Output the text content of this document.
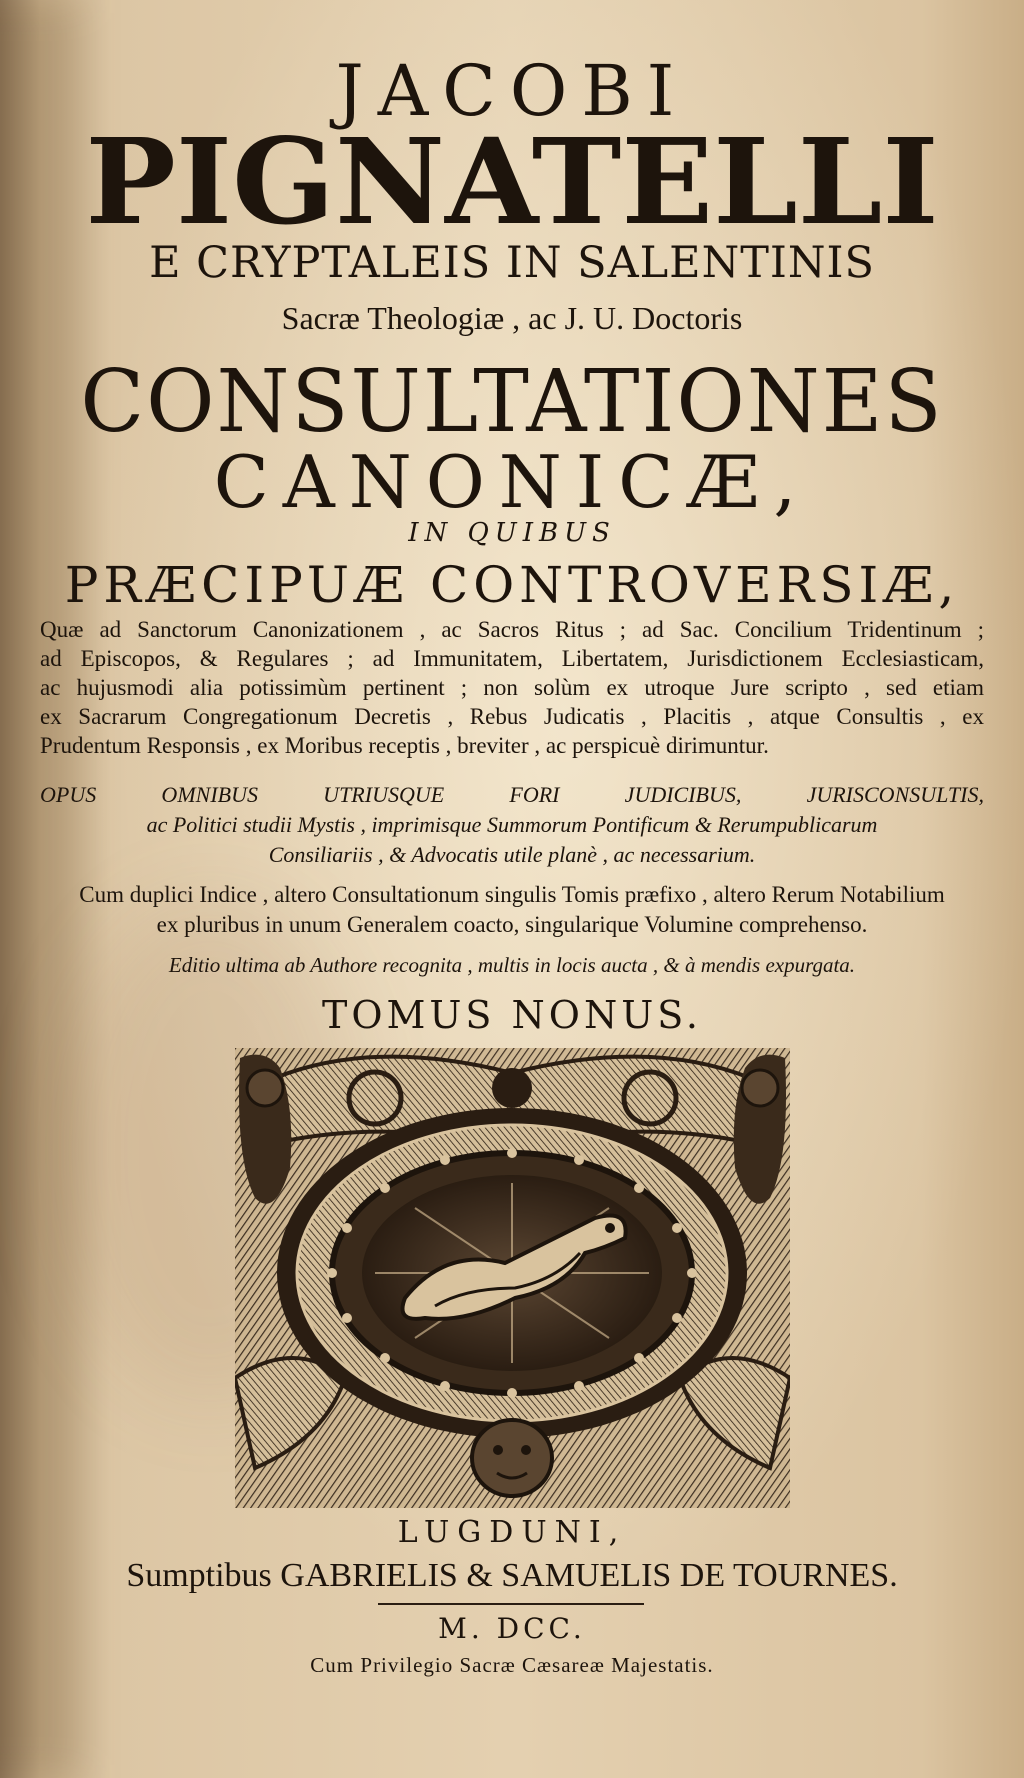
JACOBI
PIGNATELLI
E CRYPTALEIS IN SALENTINIS
Sacræ Theologiæ , ac J. U. Doctoris
CONSULTATIONES
CANONICÆ,
IN QUIBUS
PRÆCIPUÆ CONTROVERSIÆ,
Quæ ad Sanctorum Canonizationem , ac Sacros Ritus ; ad Sac. Concilium Tridentinum ;
ad Episcopos, & Regulares ; ad Immunitatem, Libertatem, Jurisdictionem Ecclesiasticam,
ac hujusmodi alia potissimùm pertinent ; non solùm ex utroque Jure scripto , sed etiam
ex Sacrarum Congregationum Decretis , Rebus Judicatis , Placitis , atque Consultis , ex
Prudentum Responsis , ex Moribus receptis , breviter , ac perspicuè dirimuntur.
OPUS OMNIBUS UTRIUSQUE FORI JUDICIBUS, JURISCONSULTIS,
ac Politici studii Mystis , imprimisque Summorum Pontificum & Rerumpublicarum
Consiliariis , & Advocatis utile planè , ac necessarium.
Cum duplici Indice , altero Consultationum singulis Tomis præfixo , altero Rerum Notabilium
ex pluribus in unum Generalem coacto, singularique Volumine comprehenso.
Editio ultima ab Authore recognita , multis in locis aucta , & à mendis expurgata.
TOMUS NONUS.
LUGDUNI,
Sumptibus GABRIELIS & SAMUELIS DE TOURNES.
M. DCC.
Cum Privilegio Sacræ Cæsareæ Majestatis.
